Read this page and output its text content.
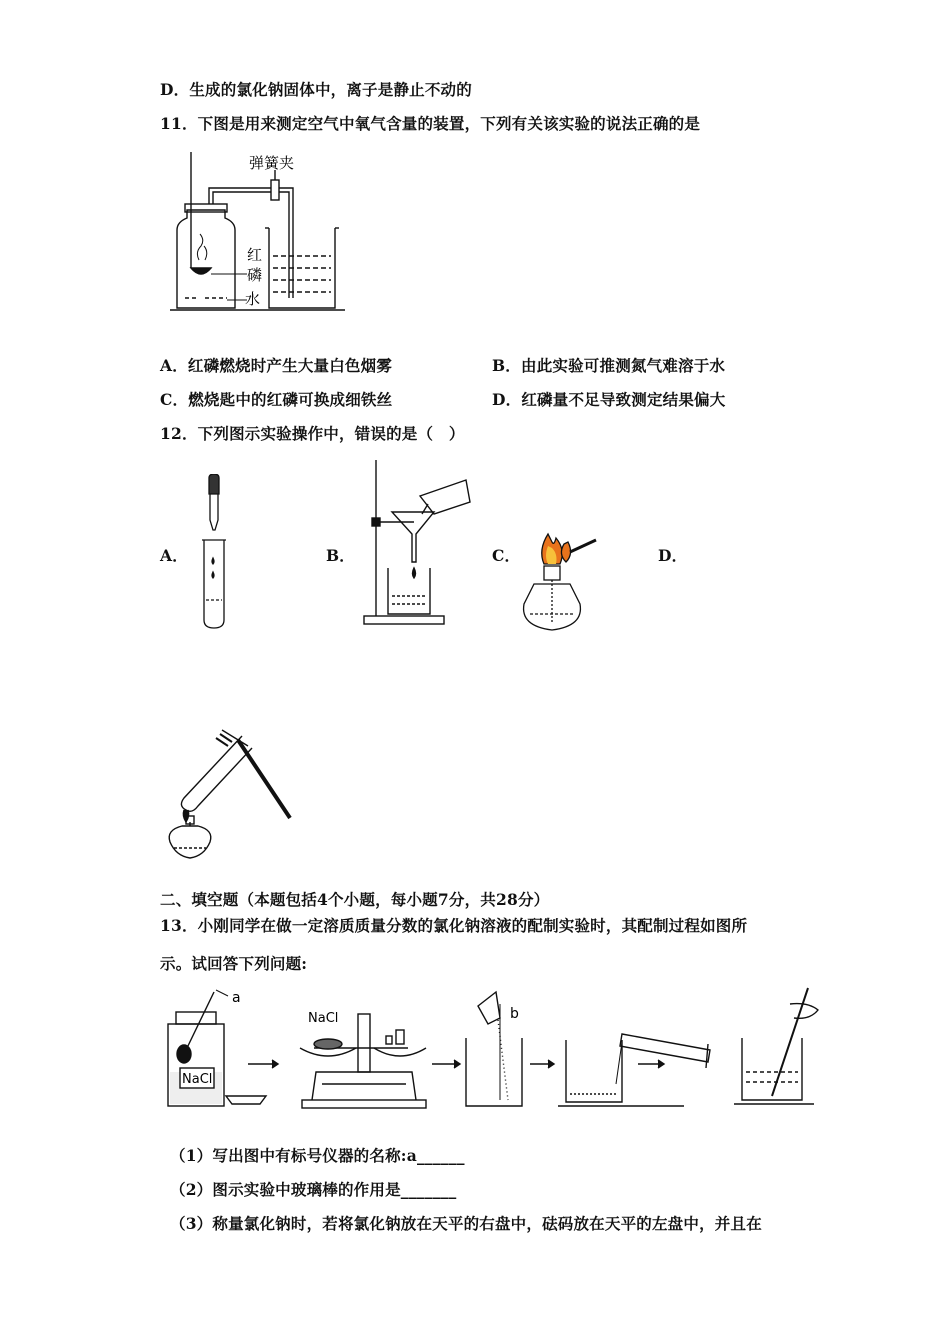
D．生成的氯化钠固体中，离子是静止不动的
11．下图是用来测定空气中氧气含量的装置，下列有关该实验的说法正确的是
弹簧夹
红
磷
水
A．红磷燃烧时产生大量白色烟雾	B．由此实验可推测氮气难溶于水
C．燃烧匙中的红磷可换成细铁丝	D．红磷量不足导致测定结果偏大
12．下列图示实验操作中，错误的是（　）
A．	B．	C．	D．
二、填空题（本题包括4个小题，每小题7分，共28分）
13．小刚同学在做一定溶质质量分数的氯化钠溶液的配制实验时，其配制过程如图所
示。试回答下列问题:
a
b
NaCl
NaCl
（1）写出图中有标号仪器的名称:a______
（2）图示实验中玻璃棒的作用是_______
（3）称量氯化钠时，若将氯化钠放在天平的右盘中，砝码放在天平的左盘中，并且在
